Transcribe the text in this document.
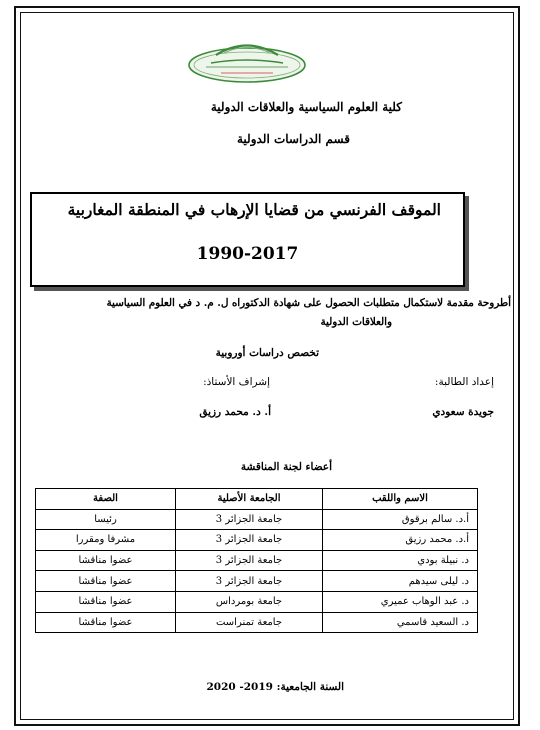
كلية العلوم السياسية والعلاقات الدولية
قسم الدراسات الدولية
الموقف الفرنسي من قضايا الإرهاب في المنطقة المغاربية
1990-2017
أطروحة مقدمة لاستكمال متطلبات الحصول على شهادة الدكتوراه ل. م. د في العلوم السياسية
والعلاقات الدولية
تخصص دراسات أوروبية
إعداد الطالبة:
إشراف الأستاذ:
جويدة سعودي
أ. د. محمد رزيق
أعضاء لجنة المناقشة
الاسم واللقب	الجامعة الأصلية	الصفة
أ.د. سالم برقوق	جامعة الجزائر 3	رئيسا
أ.د. محمد رزيق	جامعة الجزائر 3	مشرفا ومقررا
د. نبيلة بودي	جامعة الجزائر 3	عضوا مناقشا
د. ليلى سيدهم	جامعة الجزائر 3	عضوا مناقشا
د. عبد الوهاب عميري	جامعة بومرداس	عضوا مناقشا
د. السعيد قاسمي	جامعة تمنراست	عضوا مناقشا
السنة الجامعية: 2019- 2020
